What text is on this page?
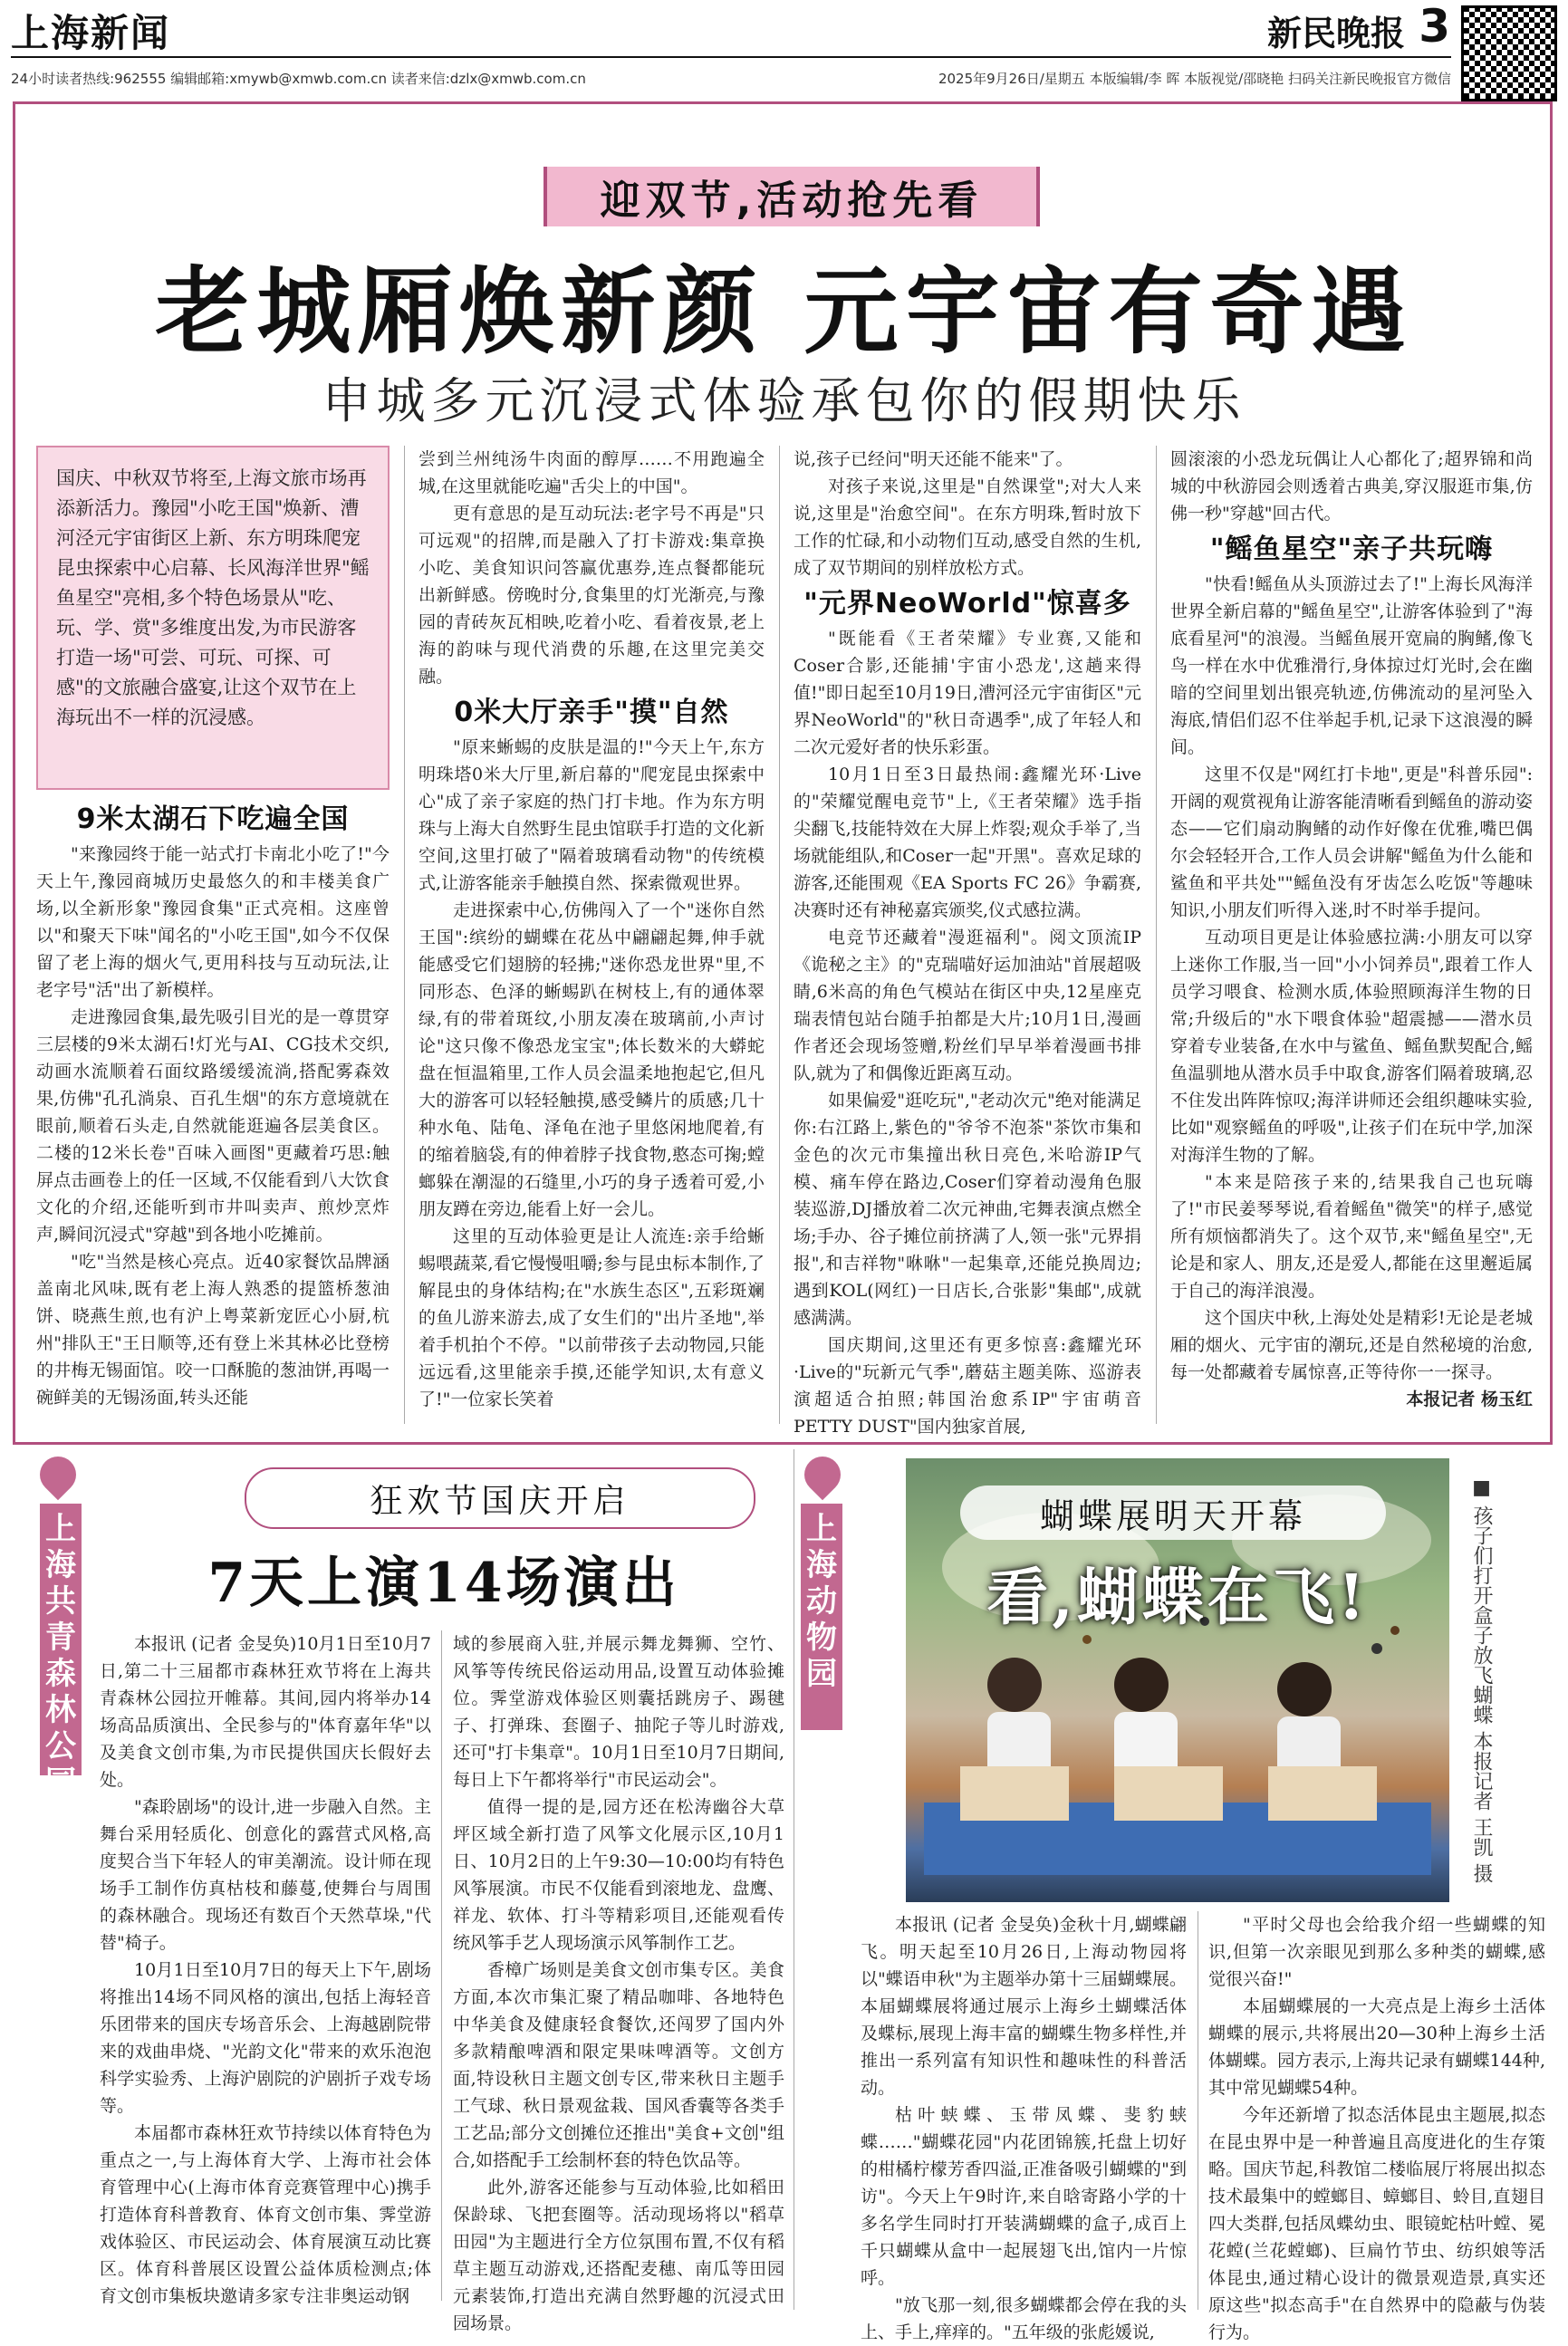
上海新闻	新民晚报 3
24小时读者热线:962555 编辑邮箱:xmywb@xmwb.com.cn 读者来信:dzlx@xmwb.com.cn	2025年9月26日/星期五 本版编辑/李 晖 本版视觉/邵晓艳 扫码关注新民晚报官方微信
迎双节,活动抢先看
老城厢焕新颜 元宇宙有奇遇
申城多元沉浸式体验承包你的假期快乐
国庆、中秋双节将至,上海文旅市场再添新活力。豫园"小吃王国"焕新、漕河泾元宇宙街区上新、东方明珠爬宠昆虫探索中心启幕、长风海洋世界"鳐鱼星空"亮相,多个特色场景从"吃、玩、学、赏"多维度出发,为市民游客打造一场"可尝、可玩、可探、可感"的文旅融合盛宴,让这个双节在上海玩出不一样的沉浸感。
9米太湖石下吃遍全国

"来豫园终于能一站式打卡南北小吃了!"今天上午,豫园商城历史最悠久的和丰楼美食广场,以全新形象"豫园食集"正式亮相。这座曾以"和聚天下味"闻名的"小吃王国",如今不仅保留了老上海的烟火气,更用科技与互动玩法,让老字号"活"出了新模样。

走进豫园食集,最先吸引目光的是一尊贯穿三层楼的9米太湖石!灯光与AI、CG技术交织,动画水流顺着石面纹路缓缓流淌,搭配雾森效果,仿佛"孔孔淌泉、百孔生烟"的东方意境就在眼前,顺着石头走,自然就能逛遍各层美食区。二楼的12米长卷"百味入画图"更藏着巧思:触屏点击画卷上的任一区域,不仅能看到八大饮食文化的介绍,还能听到市井叫卖声、煎炒烹炸声,瞬间沉浸式"穿越"到各地小吃摊前。

"吃"当然是核心亮点。近40家餐饮品牌涵盖南北风味,既有老上海人熟悉的提篮桥葱油饼、晓燕生煎,也有沪上粤菜新宠匠心小厨,杭州"排队王"王日顺等,还有登上米其林必比登榜的井梅无锡面馆。咬一口酥脆的葱油饼,再喝一碗鲜美的无锡汤面,转头还能

尝到兰州纯汤牛肉面的醇厚……不用跑遍全城,在这里就能吃遍"舌尖上的中国"。

更有意思的是互动玩法:老字号不再是"只可远观"的招牌,而是融入了打卡游戏:集章换小吃、美食知识问答赢优惠券,连点餐都能玩出新鲜感。傍晚时分,食集里的灯光渐亮,与豫园的青砖灰瓦相映,吃着小吃、看着夜景,老上海的韵味与现代消费的乐趣,在这里完美交融。

0米大厅亲手"摸"自然

"原来蜥蜴的皮肤是温的!"今天上午,东方明珠塔0米大厅里,新启幕的"爬宠昆虫探索中心"成了亲子家庭的热门打卡地。作为东方明珠与上海大自然野生昆虫馆联手打造的文化新空间,这里打破了"隔着玻璃看动物"的传统模式,让游客能亲手触摸自然、探索微观世界。

走进探索中心,仿佛闯入了一个"迷你自然王国":缤纷的蝴蝶在花丛中翩翩起舞,伸手就能感受它们翅膀的轻拂;"迷你恐龙世界"里,不同形态、色泽的蜥蜴趴在树枝上,有的通体翠绿,有的带着斑纹,小朋友凑在玻璃前,小声讨论"这只像不像恐龙宝宝";体长数米的大蟒蛇盘在恒温箱里,工作人员会温柔地抱起它,但凡大的游客可以轻轻触摸,感受鳞片的质感;几十种水龟、陆龟、泽龟在池子里悠闲地爬着,有的缩着脑袋,有的伸着脖子找食物,憨态可掬;螳螂躲在潮湿的石缝里,小巧的身子透着可爱,小朋友蹲在旁边,能看上好一会儿。

这里的互动体验更是让人流连:亲手给蜥蜴喂蔬菜,看它慢慢咀嚼;参与昆虫标本制作,了解昆虫的身体结构;在"水族生态区",五彩斑斓的鱼儿游来游去,成了女生们的"出片圣地",举着手机拍个不停。"以前带孩子去动物园,只能远远看,这里能亲手摸,还能学知识,太有意义了!"一位家长笑着

说,孩子已经问"明天还能不能来"了。

对孩子来说,这里是"自然课堂";对大人来说,这里是"治愈空间"。在东方明珠,暂时放下工作的忙碌,和小动物们互动,感受自然的生机,成了双节期间的别样放松方式。

"元界NeoWorld"惊喜多

"既能看《王者荣耀》专业赛,又能和Coser合影,还能捕'宇宙小恐龙',这趟来得值!"即日起至10月19日,漕河泾元宇宙街区"元界NeoWorld"的"秋日奇遇季",成了年轻人和二次元爱好者的快乐彩蛋。

10月1日至3日最热闹:鑫耀光环·Live的"荣耀觉醒电竞节"上,《王者荣耀》选手指尖翻飞,技能特效在大屏上炸裂;观众手举了,当场就能组队,和Coser一起"开黑"。喜欢足球的游客,还能围观《EA Sports FC 26》争霸赛,决赛时还有神秘嘉宾颁奖,仪式感拉满。

电竞节还藏着"漫逛福利"。阅文顶流IP《诡秘之主》的"克瑞喵好运加油站"首展超吸睛,6米高的角色气模站在街区中央,12星座克瑞表情包站台随手拍都是大片;10月1日,漫画作者还会现场签赠,粉丝们早早举着漫画书排队,就为了和偶像近距离互动。

如果偏爱"逛吃玩","老动次元"绝对能满足你:右江路上,紫色的"爷爷不泡茶"茶饮市集和金色的次元市集撞出秋日亮色,米哈游IP气模、痛车停在路边,Coser们穿着动漫角色服装巡游,DJ播放着二次元神曲,宅舞表演点燃全场;手办、谷子摊位前挤满了人,领一张"元界捐报",和吉祥物"咻咻"一起集章,还能兑换周边;遇到KOL(网红)一日店长,合张影"集邮",成就感满满。

国庆期间,这里还有更多惊喜:鑫耀光环·Live的"玩新元气季",蘑菇主题美陈、巡游表演超适合拍照;韩国治愈系IP"宇宙萌音 PETTY DUST"国内独家首展,

圆滚滚的小恐龙玩偶让人心都化了;超界锦和尚城的中秋游园会则透着古典美,穿汉服逛市集,仿佛一秒"穿越"回古代。

"鳐鱼星空"亲子共玩嗨

"快看!鳐鱼从头顶游过去了!"上海长风海洋世界全新启幕的"鳐鱼星空",让游客体验到了"海底看星河"的浪漫。当鳐鱼展开宽扁的胸鳍,像飞鸟一样在水中优雅滑行,身体掠过灯光时,会在幽暗的空间里划出银亮轨迹,仿佛流动的星河坠入海底,情侣们忍不住举起手机,记录下这浪漫的瞬间。

这里不仅是"网红打卡地",更是"科普乐园":开阔的观赏视角让游客能清晰看到鳐鱼的游动姿态——它们扇动胸鳍的动作好像在优雅,嘴巴偶尔会轻轻开合,工作人员会讲解"鳐鱼为什么能和鲨鱼和平共处""鳐鱼没有牙齿怎么吃饭"等趣味知识,小朋友们听得入迷,时不时举手提问。

互动项目更是让体验感拉满:小朋友可以穿上迷你工作服,当一回"小小饲养员",跟着工作人员学习喂食、检测水质,体验照顾海洋生物的日常;升级后的"水下喂食体验"超震撼——潜水员穿着专业装备,在水中与鲨鱼、鳐鱼默契配合,鳐鱼温驯地从潜水员手中取食,游客们隔着玻璃,忍不住发出阵阵惊叹;海洋讲师还会组织趣味实验,比如"观察鳐鱼的呼吸",让孩子们在玩中学,加深对海洋生物的了解。

"本来是陪孩子来的,结果我自己也玩嗨了!"市民姜琴琴说,看着鳐鱼"微笑"的样子,感觉所有烦恼都消失了。这个双节,来"鳐鱼星空",无论是和家人、朋友,还是爱人,都能在这里邂逅属于自己的海洋浪漫。

这个国庆中秋,上海处处是精彩!无论是老城厢的烟火、元宇宙的潮玩,还是自然秘境的治愈,每一处都藏着专属惊喜,正等待你一一探寻。

本报记者 杨玉红

上海共青森林公园
狂欢节国庆开启
7天上演14场演出

本报讯 (记者 金旻奂)10月1日至10月7日,第二十三届都市森林狂欢节将在上海共青森林公园拉开帷幕。其间,园内将举办14场高品质演出、全民参与的"体育嘉年华"以及美食文创市集,为市民提供国庆长假好去处。

"森聆剧场"的设计,进一步融入自然。主舞台采用轻质化、创意化的露营式风格,高度契合当下年轻人的审美潮流。设计师在现场手工制作仿真枯枝和藤蔓,使舞台与周围的森林融合。现场还有数百个天然草垛,"代替"椅子。

10月1日至10月7日的每天上下午,剧场将推出14场不同风格的演出,包括上海轻音乐团带来的国庆专场音乐会、上海越剧院带来的戏曲串烧、"光韵文化"带来的欢乐泡泡科学实验秀、上海沪剧院的沪剧折子戏专场等。

本届都市森林狂欢节持续以体育特色为重点之一,与上海体育大学、上海市社会体育管理中心(上海市体育竞赛管理中心)携手打造体育科普教育、体育文创市集、霁堂游戏体验区、市民运动会、体育展演互动比赛区。体育科普展区设置公益体质检测点;体育文创市集板块邀请多家专注非奥运动钢

域的参展商入驻,并展示舞龙舞狮、空竹、风筝等传统民俗运动用品,设置互动体验摊位。霁堂游戏体验区则囊括跳房子、踢毽子、打弹珠、套圈子、抽陀子等儿时游戏,还可"打卡集章"。10月1日至10月7日期间,每日上下午都将举行"市民运动会"。

值得一提的是,园方还在松涛幽谷大草坪区域全新打造了风筝文化展示区,10月1日、10月2日的上午9:30—10:00均有特色风筝展演。市民不仅能看到滚地龙、盘鹰、祥龙、软体、打斗等精彩项目,还能观看传统风筝手艺人现场演示风筝制作工艺。

香樟广场则是美食文创市集专区。美食方面,本次市集汇聚了精品咖啡、各地特色中华美食及健康轻食餐饮,还闯罗了国内外多款精酿啤酒和限定果味啤酒等。文创方面,特设秋日主题文创专区,带来秋日主题手工气球、秋日景观盆栽、国风香囊等各类手工艺品;部分文创摊位还推出"美食+文创"组合,如搭配手工绘制杯套的特色饮品等。

此外,游客还能参与互动体验,比如稻田保龄球、飞把套圈等。活动现场将以"稻草田园"为主题进行全方位氛围布置,不仅有稻草主题互动游戏,还搭配麦穗、南瓜等田园元素装饰,打造出充满自然野趣的沉浸式田园场景。

上海动物园
蝴蝶展明天开幕
看,蝴蝶在飞!	■ 孩子们打开盒子放飞蝴蝶 本报记者 王凯 摄

本报讯 (记者 金旻奂)金秋十月,蝴蝶翩飞。明天起至10月26日,上海动物园将以"蝶语申秋"为主题举办第十三届蝴蝶展。本届蝴蝶展将通过展示上海乡土蝴蝶活体及蝶标,展现上海丰富的蝴蝶生物多样性,并推出一系列富有知识性和趣味性的科普活动。

枯叶蛱蝶、玉带凤蝶、斐豹蛱蝶……"蝴蝶花园"内花团锦簇,托盘上切好的柑橘柠檬芳香四溢,正准备吸引蝴蝶的"到访"。今天上午9时许,来自晗寄路小学的十多名学生同时打开装满蝴蝶的盒子,成百上千只蝴蝶从盒中一起展翅飞出,馆内一片惊呼。

"放飞那一刻,很多蝴蝶都会停在我的头上、手上,痒痒的。"五年级的张彪媛说,

"平时父母也会给我介绍一些蝴蝶的知识,但第一次亲眼见到那么多种类的蝴蝶,感觉很兴奋!"

本届蝴蝶展的一大亮点是上海乡土活体蝴蝶的展示,共将展出20—30种上海乡土活体蝴蝶。园方表示,上海共记录有蝴蝶144种,其中常见蝴蝶54种。

今年还新增了拟态活体昆虫主题展,拟态在昆虫界中是一种普遍且高度进化的生存策略。国庆节起,科教馆二楼临展厅将展出拟态技术最集中的螳螂目、蟑螂目、蛉目,直翅目四大类群,包括凤蝶幼虫、眼镜蛇枯叶螳、冕花螳(兰花螳螂)、巨扁竹节虫、纺织娘等活体昆虫,通过精心设计的微景观造景,真实还原这些"拟态高手"在自然界中的隐蔽与伪装行为。
